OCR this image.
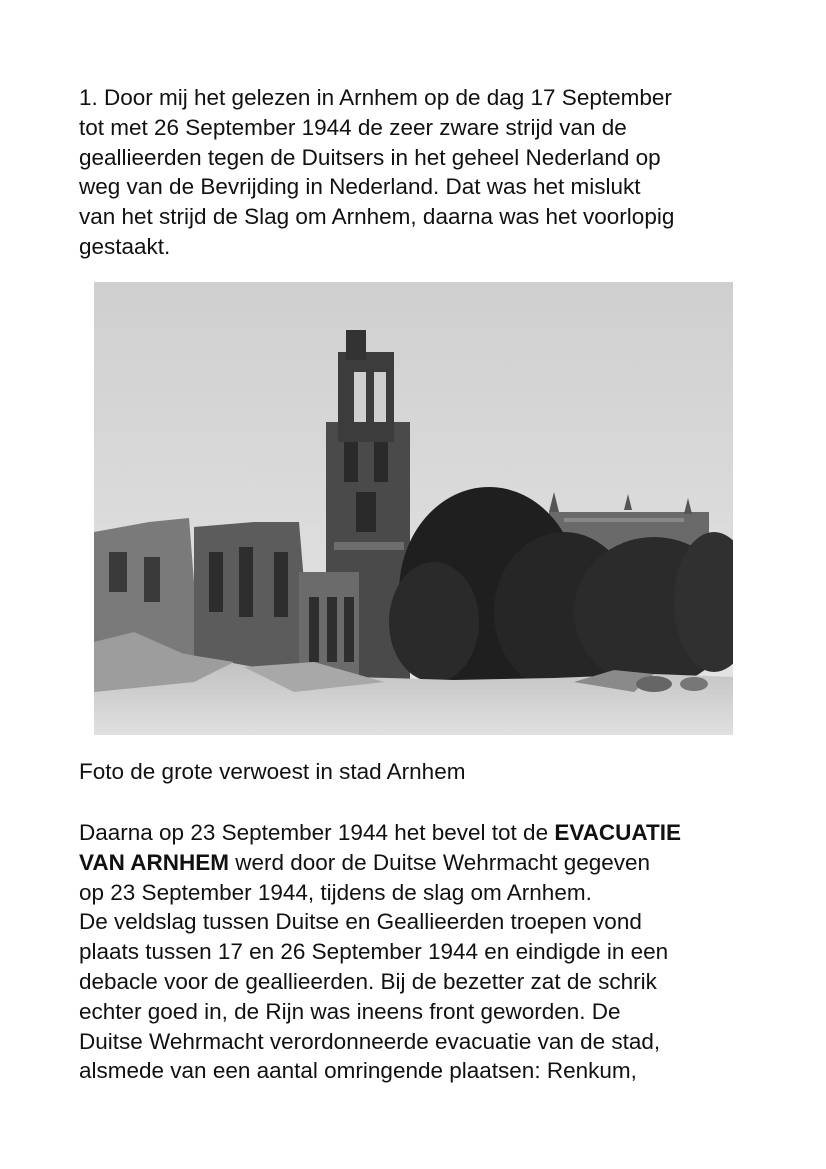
1. Door mij het gelezen in Arnhem op de dag 17 September
tot met 26 September 1944 de zeer zware strijd van de
geallieerden tegen de Duitsers in het geheel Nederland op
weg van de Bevrijding in Nederland. Dat was het mislukt
van het strijd de Slag om Arnhem, daarna was het voorlopig
gestaakt.

Foto de grote verwoest in stad Arnhem

Daarna op 23 September 1944 het bevel tot de EVACUATIE
VAN ARNHEM werd door de Duitse Wehrmacht gegeven
op 23 September 1944, tijdens de slag om Arnhem.
De veldslag tussen Duitse en Geallieerden troepen vond
plaats tussen 17 en 26 September 1944 en eindigde in een
debacle voor de geallieerden. Bij de bezetter zat de schrik
echter goed in, de Rijn was ineens front geworden. De
Duitse Wehrmacht verordonneerde evacuatie van de stad,
alsmede van een aantal omringende plaatsen: Renkum,
